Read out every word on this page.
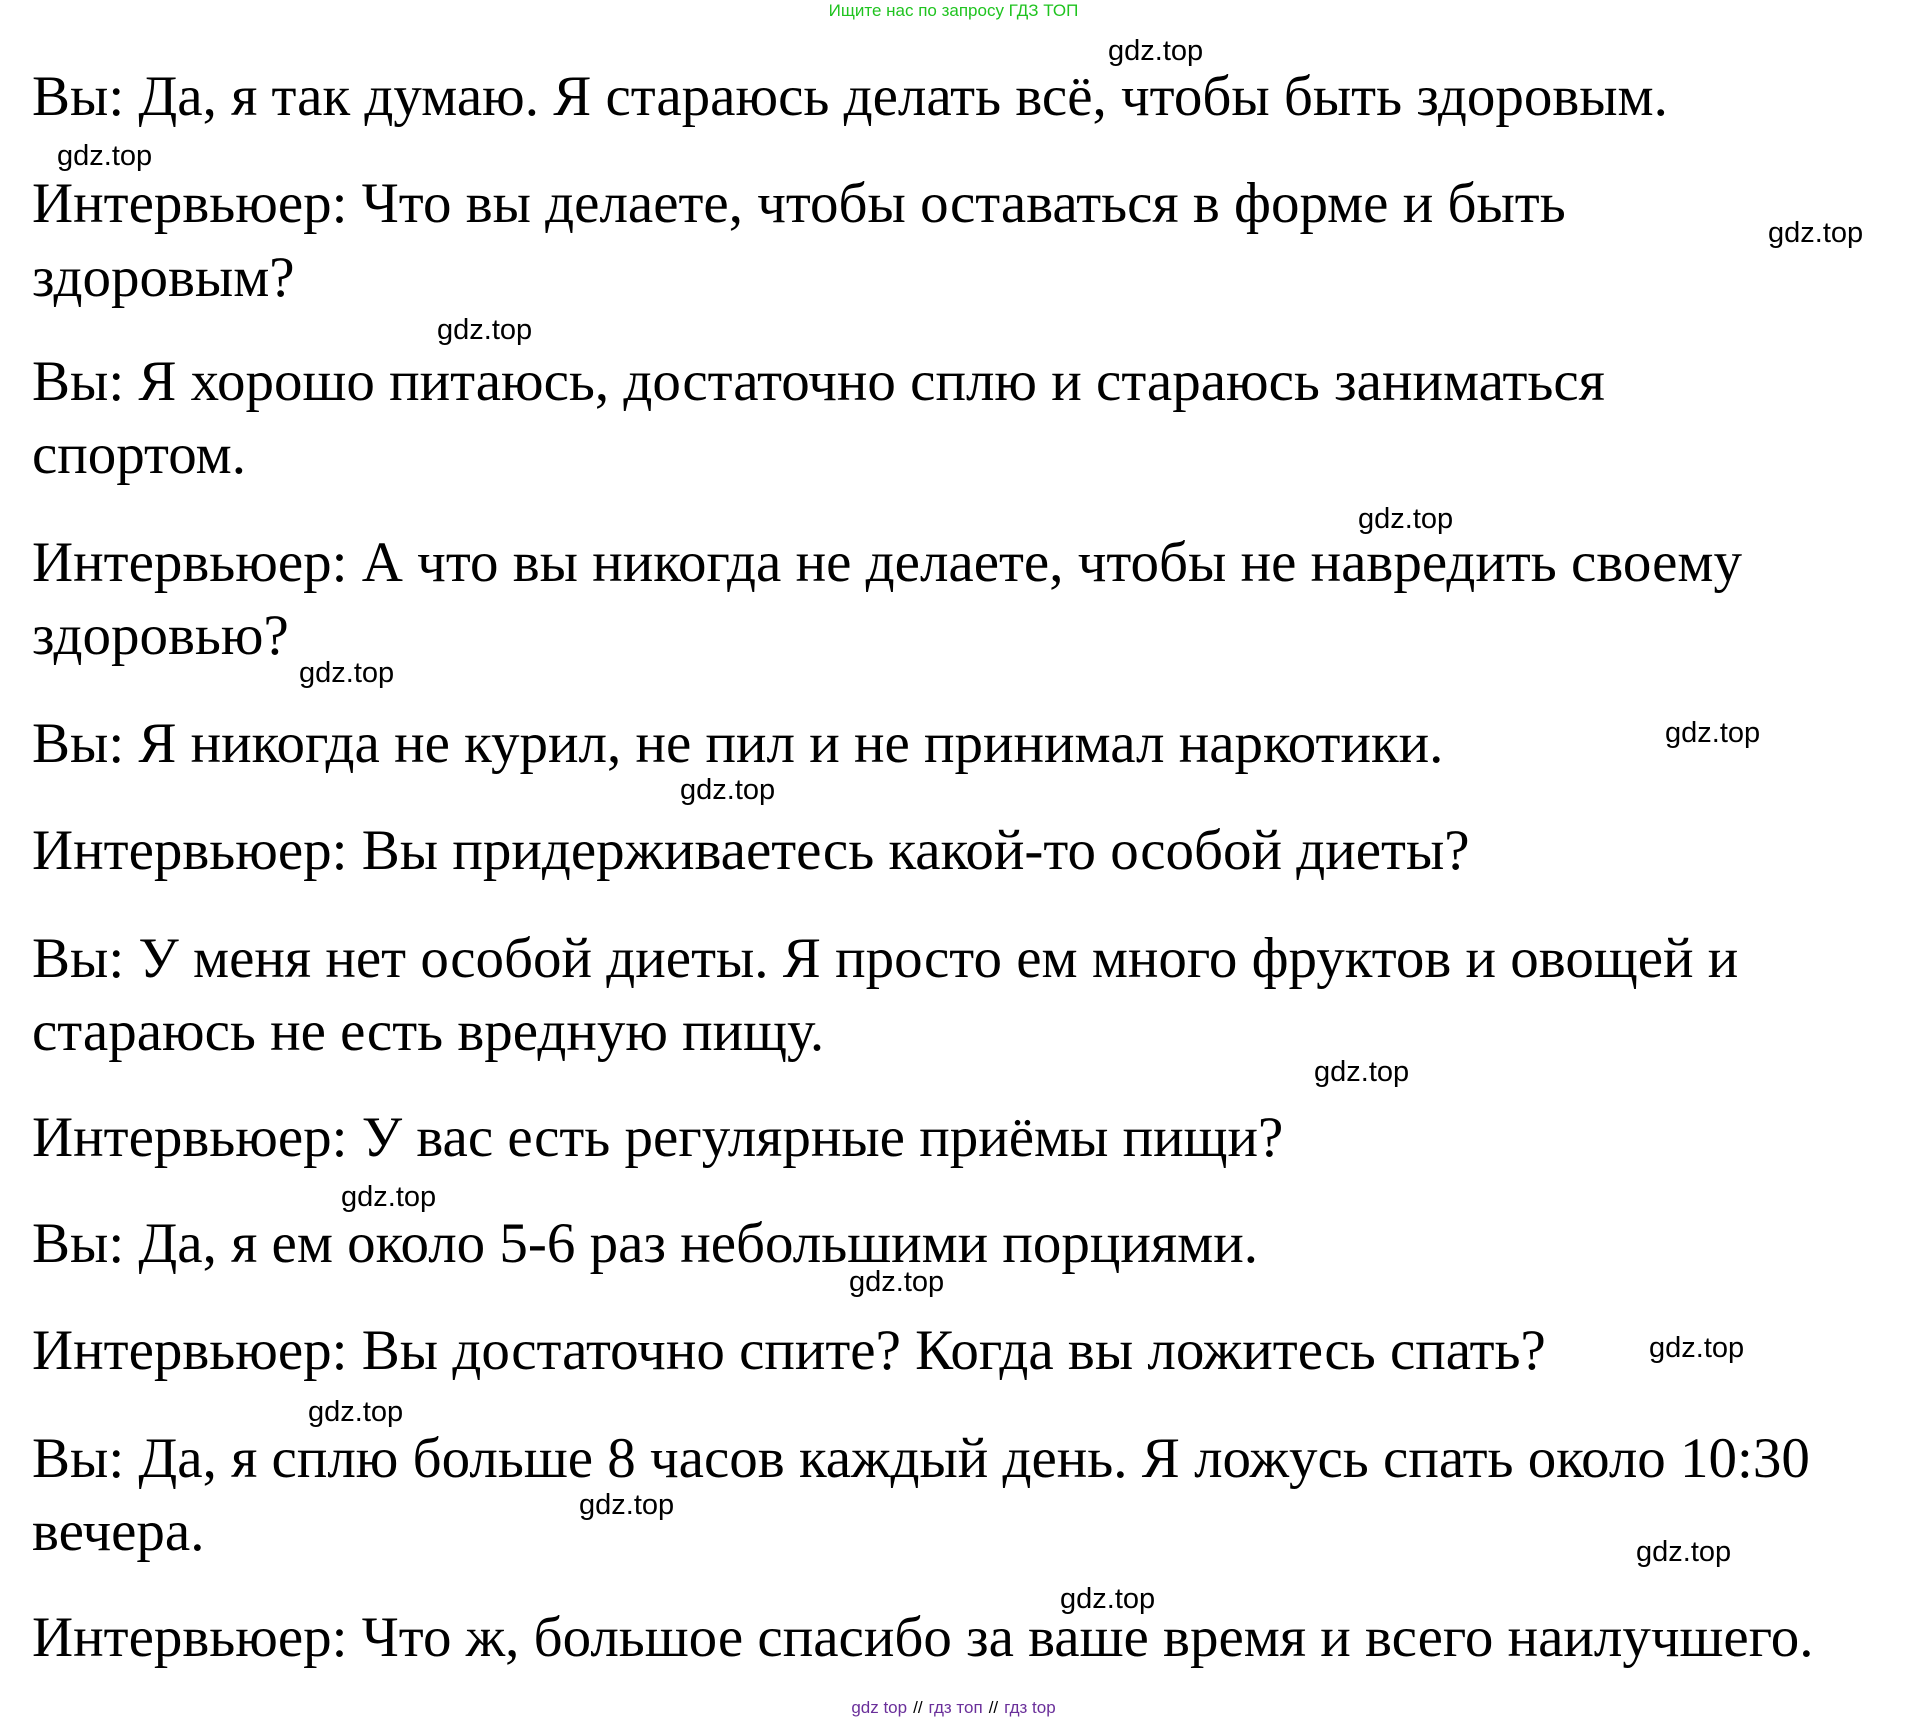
Ищите нас по запросу ГДЗ ТОП
Вы: Да, я так думаю. Я стараюсь делать всё, чтобы быть здоровым.
Интервьюер: Что вы делаете, чтобы оставаться в форме и быть
здоровым?
Вы: Я хорошо питаюсь, достаточно сплю и стараюсь заниматься
спортом.
Интервьюер: А что вы никогда не делаете, чтобы не навредить своему
здоровью?
Вы: Я никогда не курил, не пил и не принимал наркотики.
Интервьюер: Вы придерживаетесь какой-то особой диеты?
Вы: У меня нет особой диеты. Я просто ем много фруктов и овощей и
стараюсь не есть вредную пищу.
Интервьюер: У вас есть регулярные приёмы пищи?
Вы: Да, я ем около 5-6 раз небольшими порциями.
Интервьюер: Вы достаточно спите? Когда вы ложитесь спать?
Вы: Да, я сплю больше 8 часов каждый день. Я ложусь спать около 10:30
вечера.
Интервьюер: Что ж, большое спасибо за ваше время и всего наилучшего.
gdz.top
gdz.top
gdz.top
gdz.top
gdz.top
gdz.top
gdz.top
gdz.top
gdz.top
gdz.top
gdz.top
gdz.top
gdz.top
gdz.top
gdz.top
gdz.top
gdz top // гдз топ // гдз top
